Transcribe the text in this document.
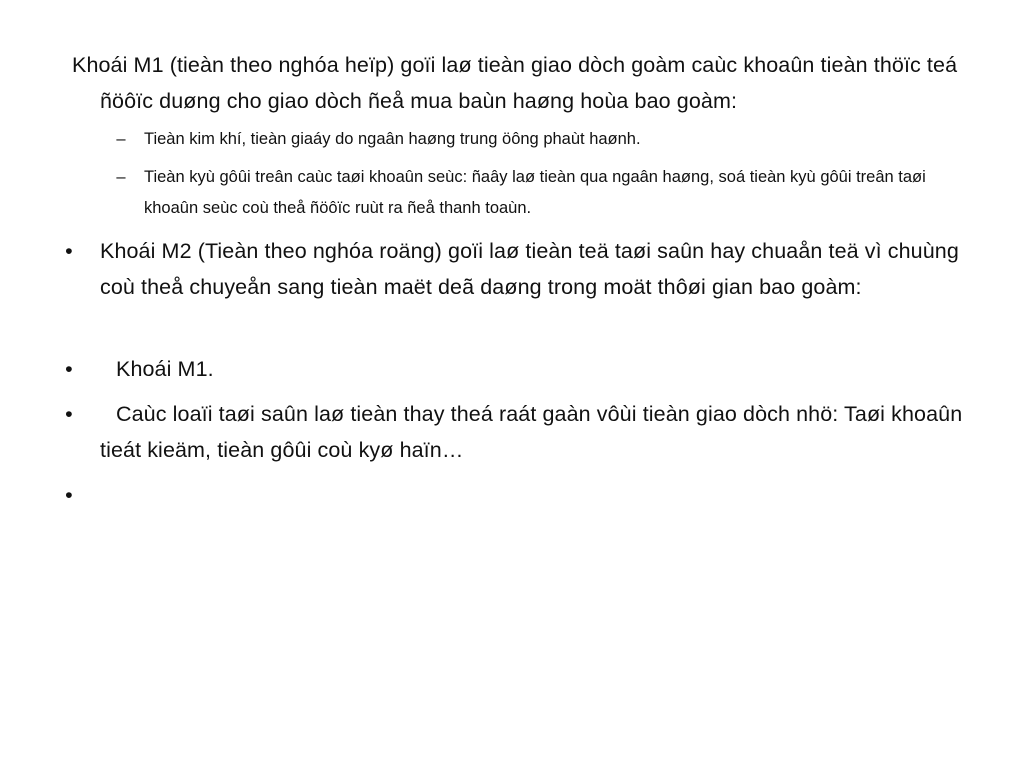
Khoái M1 (tieàn theo nghóa heïp) goïi laø tieàn giao dòch goàm caùc khoaûn tieàn thöïc teá ñöôïc duøng cho giao dòch ñeå mua baùn haøng hoùa bao goàm:
– Tieàn kim khí, tieàn giaáy do ngaân haøng trung öông phaùt haønh.
– Tieàn kyù gôûi treân caùc taøi khoaûn seùc: ñaây laø tieàn qua ngaân haøng, soá tieàn kyù gôûi treân taøi khoaûn seùc coù theå ñöôïc ruùt ra ñeå thanh toaùn.
• Khoái M2 (Tieàn theo nghóa roäng) goïi laø tieàn teä taøi saûn hay chuaån teä vì chuùng coù theå chuyeån sang tieàn maët deã daøng trong moät thôøi gian bao goàm:
• Khoái M1.
• Caùc loaïi taøi saûn laø tieàn thay theá raát gaàn vôùi tieàn giao dòch nhö: Taøi khoaûn tieát kieäm, tieàn gôûi coù kyø haïn…
•
